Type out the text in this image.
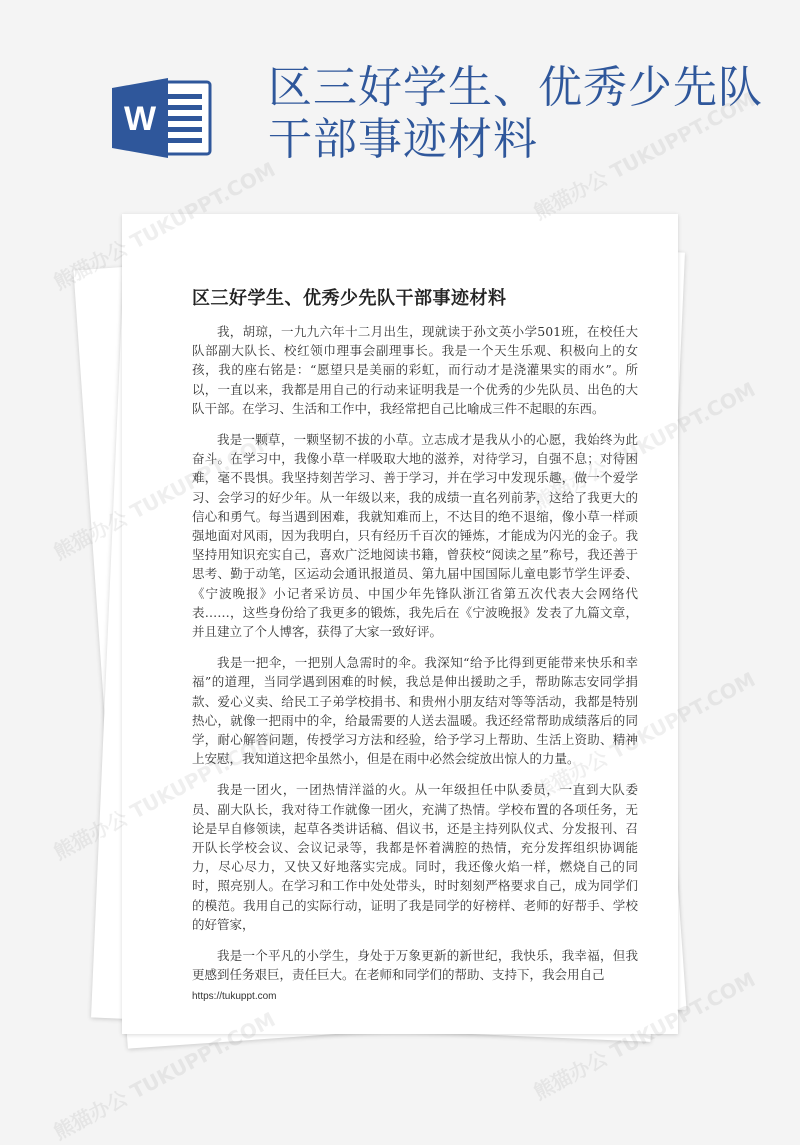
W
区三好学生、优秀少先队干部事迹材料
区三好学生、优秀少先队干部事迹材料

我，胡琼，一九九六年十二月出生，现就读于孙文英小学501班，在校任大队部副大队长、校红领巾理事会副理事长。我是一个天生乐观、积极向上的女孩，我的座右铭是：“愿望只是美丽的彩虹，而行动才是浇灌果实的雨水”。所以，一直以来，我都是用自己的行动来证明我是一个优秀的少先队员、出色的大队干部。在学习、生活和工作中，我经常把自己比喻成三件不起眼的东西。

我是一颗草，一颗坚韧不拔的小草。立志成才是我从小的心愿，我始终为此奋斗。在学习中，我像小草一样吸取大地的滋养，对待学习，自强不息；对待困难，毫不畏惧。我坚持刻苦学习、善于学习，并在学习中发现乐趣，做一个爱学习、会学习的好少年。从一年级以来，我的成绩一直名列前茅，这给了我更大的信心和勇气。每当遇到困难，我就知难而上，不达目的绝不退缩，像小草一样顽强地面对风雨，因为我明白，只有经历千百次的锤炼，才能成为闪光的金子。我坚持用知识充实自己，喜欢广泛地阅读书籍，曾获校“阅读之星”称号，我还善于思考、勤于动笔，区运动会通讯报道员、第九届中国国际儿童电影节学生评委、《宁波晚报》小记者采访员、中国少年先锋队浙江省第五次代表大会网络代表……，这些身份给了我更多的锻炼，我先后在《宁波晚报》发表了九篇文章，并且建立了个人博客，获得了大家一致好评。

我是一把伞，一把别人急需时的伞。我深知“给予比得到更能带来快乐和幸福”的道理，当同学遇到困难的时候，我总是伸出援助之手，帮助陈志安同学捐款、爱心义卖、给民工子弟学校捐书、和贵州小朋友结对等等活动，我都是特别热心，就像一把雨中的伞，给最需要的人送去温暖。我还经常帮助成绩落后的同学，耐心解答问题，传授学习方法和经验，给予学习上帮助、生活上资助、精神上安慰，我知道这把伞虽然小，但是在雨中必然会绽放出惊人的力量。

我是一团火，一团热情洋溢的火。从一年级担任中队委员，一直到大队委员、副大队长，我对待工作就像一团火，充满了热情。学校布置的各项任务，无论是早自修领读，起草各类讲话稿、倡议书，还是主持列队仪式、分发报刊、召开队长学校会议、会议记录等，我都是怀着满腔的热情，充分发挥组织协调能力，尽心尽力，又快又好地落实完成。同时，我还像火焰一样，燃烧自己的同时，照亮别人。在学习和工作中处处带头，时时刻刻严格要求自己，成为同学们的模范。我用自己的实际行动，证明了我是同学的好榜样、老师的好帮手、学校的好管家，

我是一个平凡的小学生，身处于万象更新的新世纪，我快乐，我幸福，但我更感到任务艰巨，责任巨大。在老师和同学们的帮助、支持下，我会用自己

https://tukuppt.com
熊猫办公 TUKUPPT.COM
熊猫办公
熊猫办公
熊猫办公 TUKUPPT.COM
熊猫办公 TUKUPPT.COM
TUKUPPT.COM
TUKUPPT.COM
熊猫办公 TUKUPPT.COM
